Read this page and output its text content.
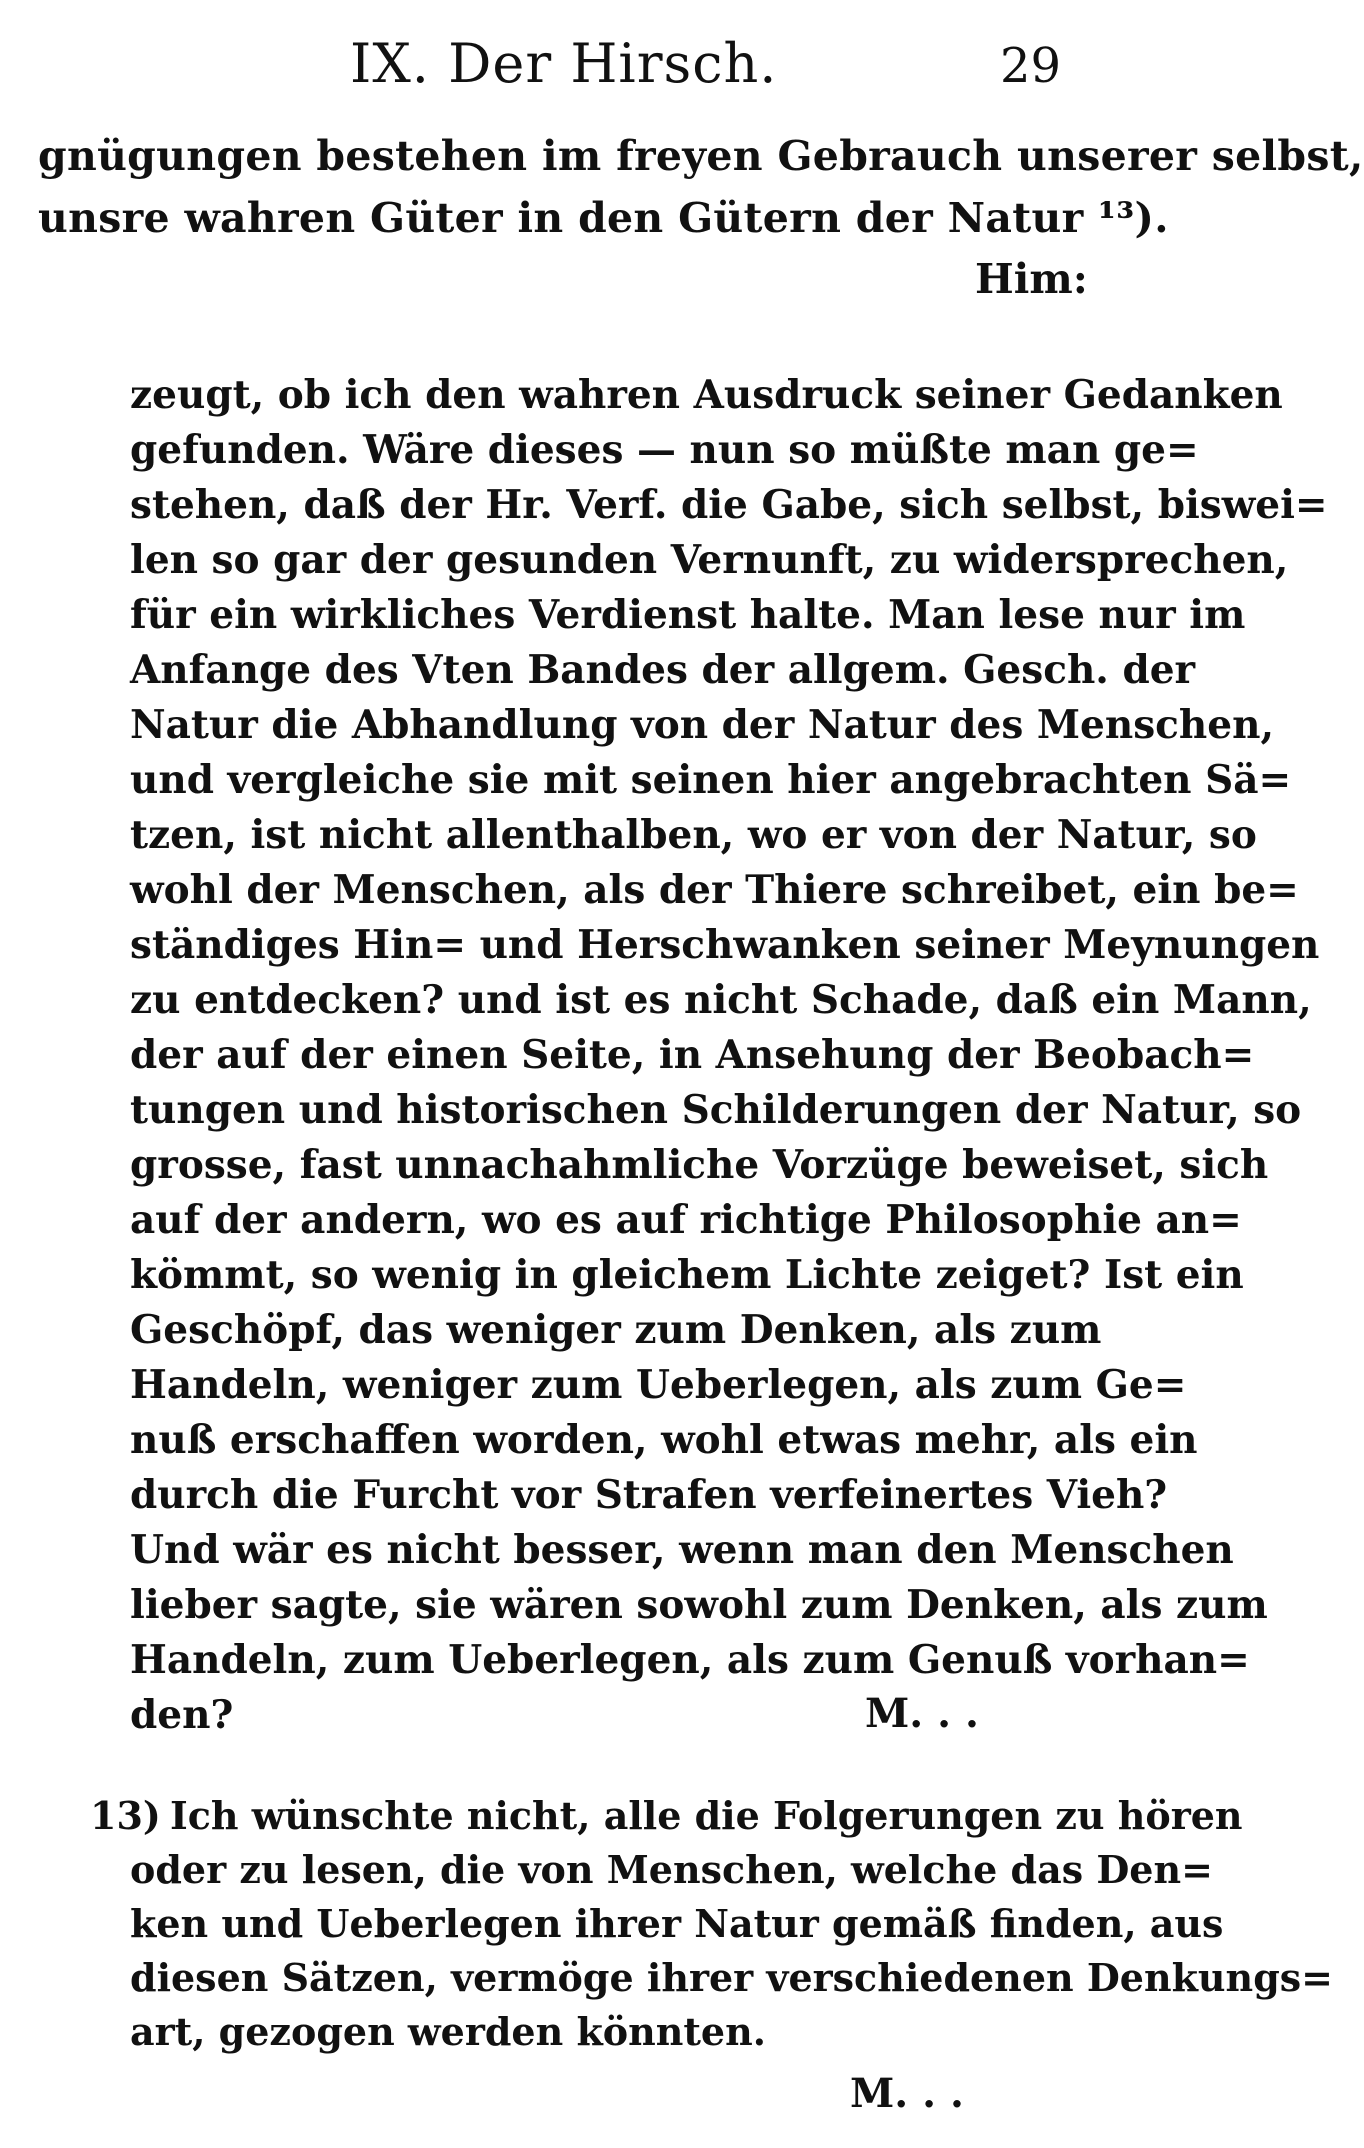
IX. Der Hirsch.	29
gnügungen bestehen im freyen Gebrauch unserer selbst,
unsre wahren Güter in den Gütern der Natur ¹³).
Him:
zeugt, ob ich den wahren Ausdruck seiner Gedanken
gefunden. Wäre dieses — nun so müßte man ge=
stehen, daß der Hr. Verf. die Gabe, sich selbst, biswei=
len so gar der gesunden Vernunft, zu widersprechen,
für ein wirkliches Verdienst halte. Man lese nur im
Anfange des Vten Bandes der allgem. Gesch. der
Natur die Abhandlung von der Natur des Menschen,
und vergleiche sie mit seinen hier angebrachten Sä=
tzen, ist nicht allenthalben, wo er von der Natur, so
wohl der Menschen, als der Thiere schreibet, ein be=
ständiges Hin= und Herschwanken seiner Meynungen
zu entdecken? und ist es nicht Schade, daß ein Mann,
der auf der einen Seite, in Ansehung der Beobach=
tungen und historischen Schilderungen der Natur, so
grosse, fast unnachahmliche Vorzüge beweiset, sich
auf der andern, wo es auf richtige Philosophie an=
kömmt, so wenig in gleichem Lichte zeiget? Ist ein
Geschöpf, das weniger zum Denken, als zum
Handeln, weniger zum Ueberlegen, als zum Ge=
nuß erschaffen worden, wohl etwas mehr, als ein
durch die Furcht vor Strafen verfeinertes Vieh?
Und wär es nicht besser, wenn man den Menschen
lieber sagte, sie wären sowohl zum Denken, als zum
Handeln, zum Ueberlegen, als zum Genuß vorhan=
den?	M. . .
13) Ich wünschte nicht, alle die Folgerungen zu hören
oder zu lesen, die von Menschen, welche das Den=
ken und Ueberlegen ihrer Natur gemäß finden, aus
diesen Sätzen, vermöge ihrer verschiedenen Denkungs=
art, gezogen werden könnten.
M. . .
